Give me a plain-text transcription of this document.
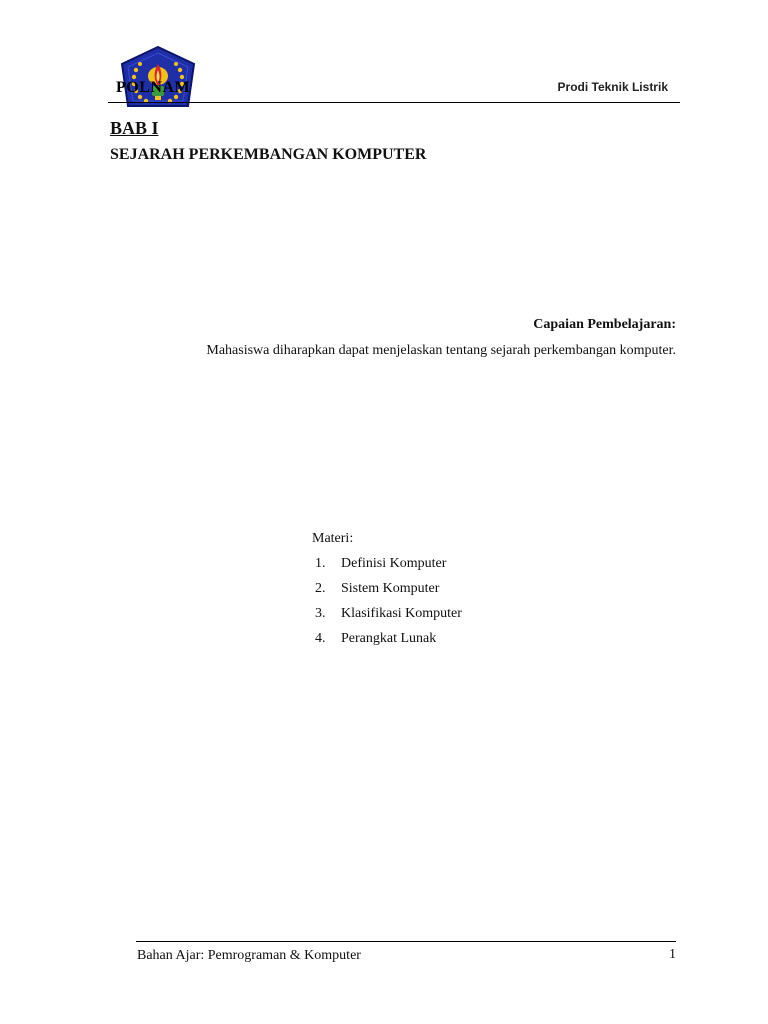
POLNAM	Prodi Teknik Listrik
BAB I
SEJARAH PERKEMBANGAN KOMPUTER
Capaian Pembelajaran:
Mahasiswa diharapkan dapat menjelaskan tentang sejarah perkembangan komputer.
Materi:
1.	Definisi Komputer
2.	Sistem Komputer
3.	Klasifikasi Komputer
4.	Perangkat Lunak
Bahan Ajar: Pemrograman & Komputer	1
